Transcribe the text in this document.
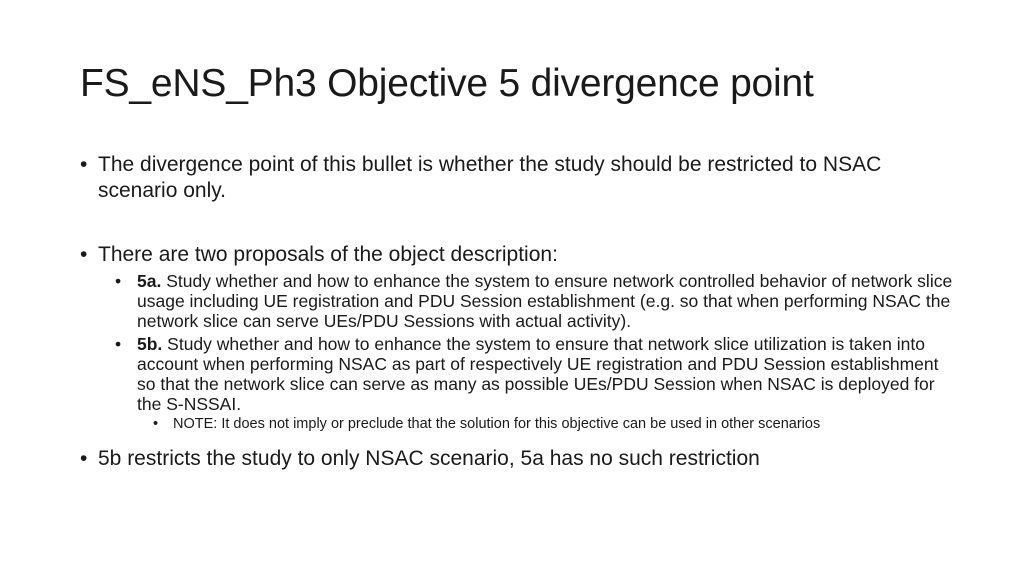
FS_eNS_Ph3 Objective 5 divergence point
• The divergence point of this bullet is whether the study should be restricted to NSAC scenario only.
• There are two proposals of the object description:
• 5a. Study whether and how to enhance the system to ensure network controlled behavior of network slice usage including UE registration and PDU Session establishment (e.g. so that when performing NSAC the network slice can serve UEs/PDU Sessions with actual activity).
• 5b. Study whether and how to enhance the system to ensure that network slice utilization is taken into account when performing NSAC as part of respectively UE registration and PDU Session establishment so that the network slice can serve as many as possible UEs/PDU Session when NSAC is deployed for the S-NSSAI.
• NOTE: It does not imply or preclude that the solution for this objective can be used in other scenarios
• 5b restricts the study to only NSAC scenario, 5a has no such restriction
